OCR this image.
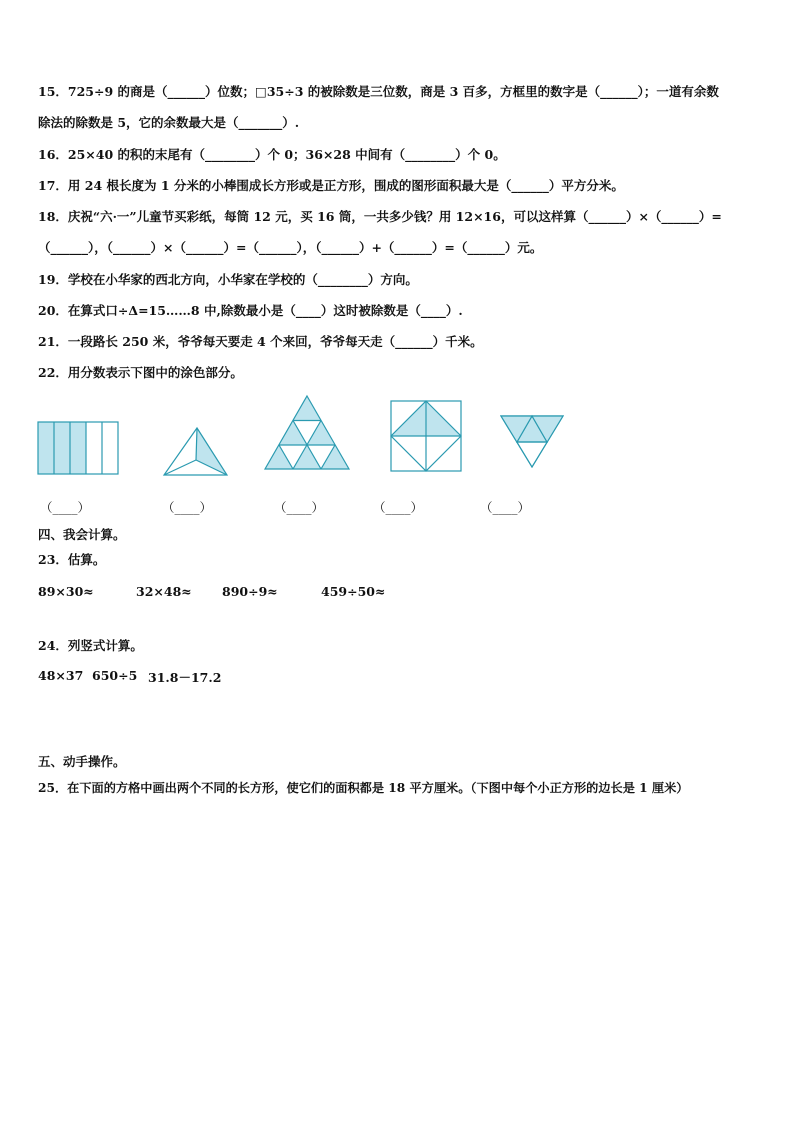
15．725÷9 的商是（______）位数；□35÷3 的被除数是三位数，商是 3 百多，方框里的数字是（______）；一道有余数
除法的除数是 5，它的余数最大是（_______）.
16．25×40 的积的末尾有（________）个 0；36×28 中间有（________）个 0。
17．用 24 根长度为 1 分米的小棒围成长方形或是正方形，围成的图形面积最大是（______）平方分米。
18．庆祝“六·一”儿童节买彩纸，每筒 12 元，买 16 筒，一共多少钱？用 12×16，可以这样算（______）×（______）=
（______），（______）×（______）=（______），（______）+（______）=（______）元。
19．学校在小华家的西北方向，小华家在学校的（________）方向。
20．在算式口÷Δ=15……8 中,除数最小是（____）这时被除数是（____）.
21．一段路长 250 米，爷爷每天要走 4 个来回，爷爷每天走（______）千米。
22．用分数表示下图中的涂色部分。
（____）	（____）	（____）	（____）	（____）
四、我会计算。
23．估算。
89×30≈	32×48≈ 890÷9≈	459÷50≈
24．列竖式计算。
48×37 650÷5 31.8－17.2
五、动手操作。
25．在下面的方格中画出两个不同的长方形，使它们的面积都是 18 平方厘米。（下图中每个小正方形的边长是 1 厘米）
